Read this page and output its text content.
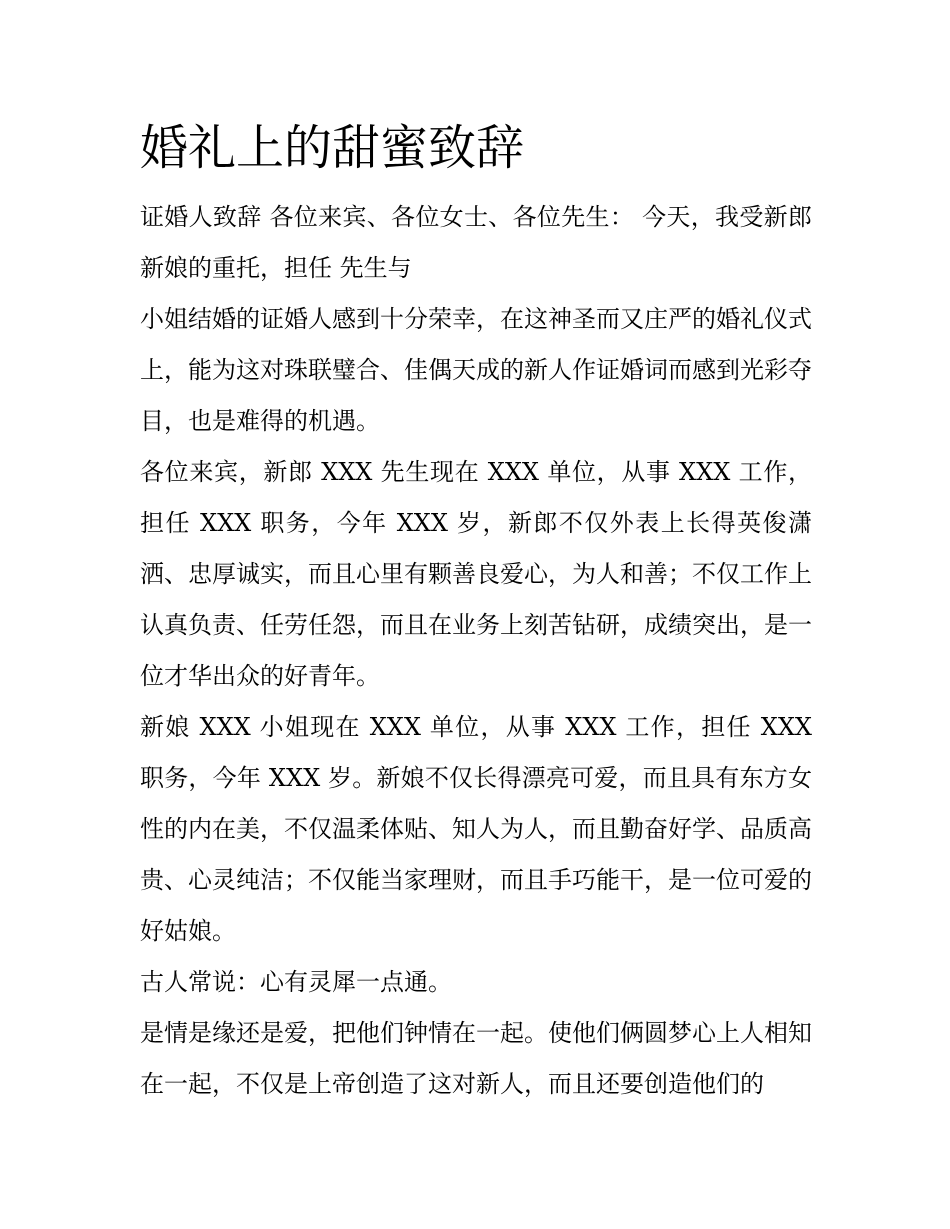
婚礼上的甜蜜致辞

证婚人致辞 各位来宾、各位女士、各位先生： 今天，我受新郎新娘的重托，担任 先生与

小姐结婚的证婚人感到十分荣幸，在这神圣而又庄严的婚礼仪式上，能为这对珠联璧合、佳偶天成的新人作证婚词而感到光彩夺目，也是难得的机遇。

各位来宾，新郎 XXX 先生现在 XXX 单位，从事 XXX 工作，担任 XXX 职务，今年 XXX 岁，新郎不仅外表上长得英俊潇洒、忠厚诚实，而且心里有颗善良爱心，为人和善；不仅工作上认真负责、任劳任怨，而且在业务上刻苦钻研，成绩突出，是一位才华出众的好青年。

新娘 XXX 小姐现在 XXX 单位，从事 XXX 工作，担任 XXX 职务，今年 XXX 岁。新娘不仅长得漂亮可爱，而且具有东方女性的内在美，不仅温柔体贴、知人为人，而且勤奋好学、品质高贵、心灵纯洁；不仅能当家理财，而且手巧能干，是一位可爱的好姑娘。

古人常说：心有灵犀一点通。

是情是缘还是爱，把他们钟情在一起。使他们俩圆梦心上人相知在一起，不仅是上帝创造了这对新人，而且还要创造他们的
